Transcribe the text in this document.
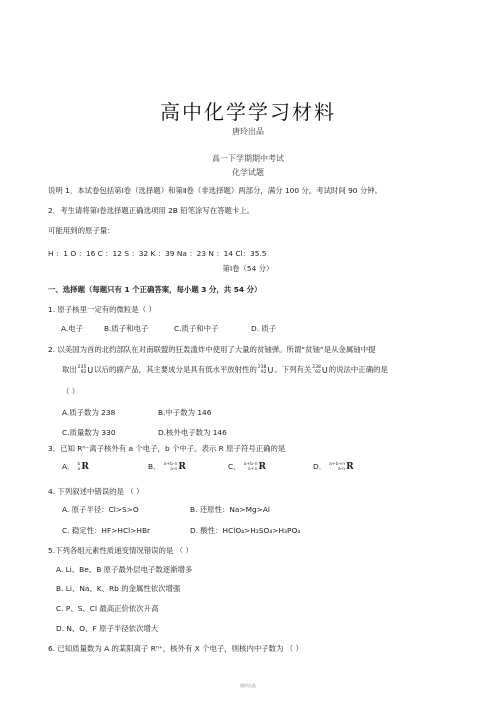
高中化学学习材料
唐玲出品
高一下学期期中考试
化学试题
说明 1．本试卷包括第Ⅰ卷（选择题）和第Ⅱ卷（非选择题）两部分，满分 100 分。考试时间 90 分钟。
2．考生请将第Ⅰ卷选择题正确选项用 2B 铅笔涂写在答题卡上。
可能用到的原子量：
H ：1 O ：16 C ：12 S ：32 K ：39 Na ：23 N ：14 Cl：35.5
第Ⅰ卷（54 分）
一、选择题（每题只有 1 个正确答案，每小题 3 分，共 54 分）
1. 原子核里一定有的微粒是（ ）
A.电子	B.质子和电子	C.质子和中子	D. 质子
2. 以美国为首的北约部队在对南联盟的狂轰滥炸中使用了大量的贫铀弹。所谓“贫铀”是从金属铀中提
取出 235
92 U 以后的副产品，其主要成分是具有低水平放射性的 238
92 U 。下列有关 238
92 U 的说法中正确的是
（ ）
A.质子数为 238	B.中子数为 146
C.质量数为 330	D.核外电子数为 146
3．已知 Rⁿ⁻离子核外有 a 个电子，b 个中子。表示 R 原子符号正确的是
A． b
a R	B． a+b-n
a-n R	C． a+b-n
a+n R	D． a+b+n
a-n R
4. 下列叙述中错误的是 （ ）
A. 原子半径：Cl>S>O	B. 还原性：Na>Mg>Al
C. 稳定性：HF>HCl>HBr	D. 酸性：HClO₄>H₂SO₄>H₃PO₄
5.下列各组元素性质递变情况错误的是 （ ）
A. Li、Be、B 原子最外层电子数逐渐增多
B. Li、Na、K、Rb 的金属性依次增强
C. P、S、Cl 最高正价依次升高
D. N、O、F 原子半径依次增大
6. 已知质量数为 A 的某阳离子 Rⁿ⁺，核外有 X 个电子，则核内中子数为 （ ）
唐玲出品
